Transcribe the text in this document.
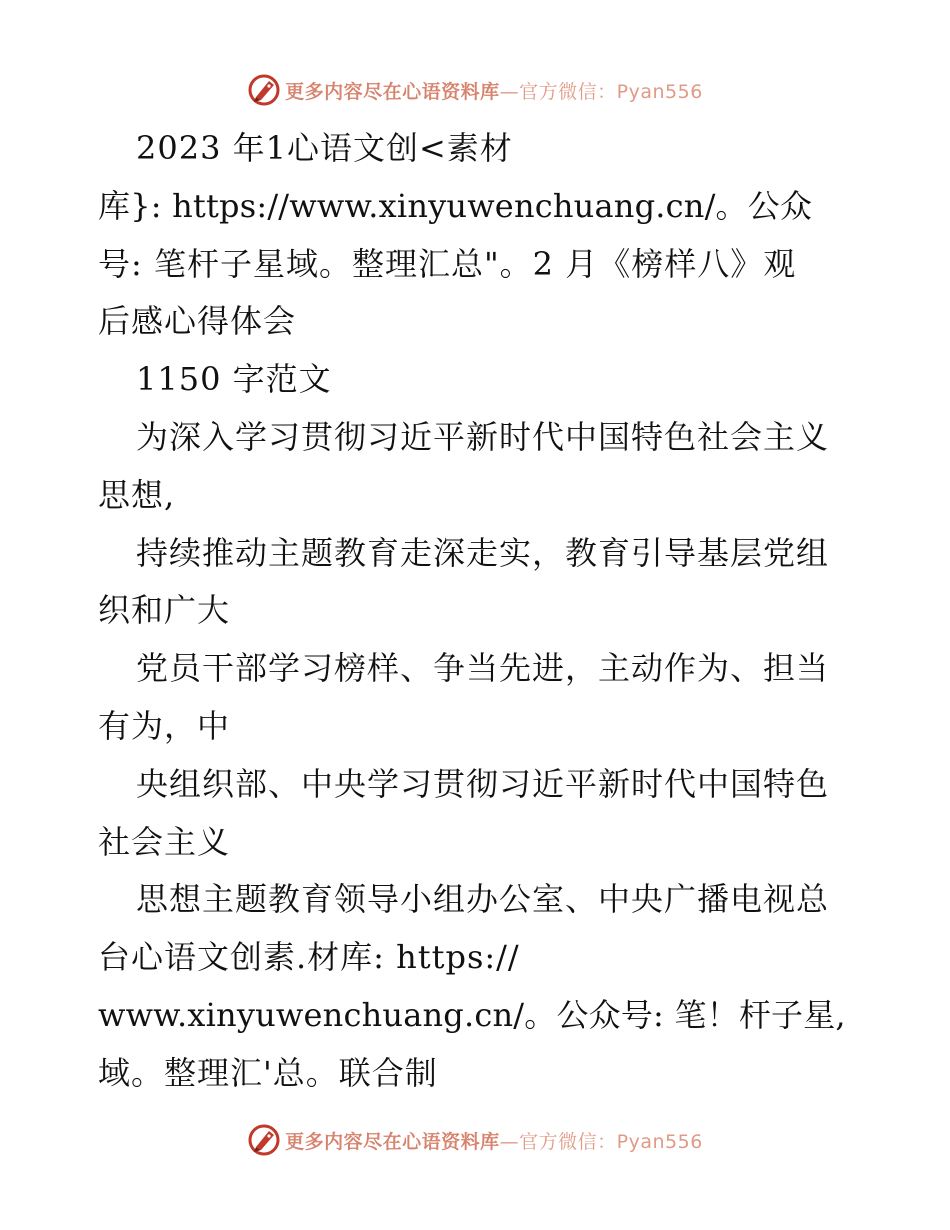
更多内容尽在心语资料库—官方微信：Pyan556
2023 年1心语文创<素材
库}: https://www.xinyuwenchuang.cn/。公众
号: 笔杆子星域。整理汇总"。2 月《榜样八》观
后感心得体会
1150 字范文
为深入学习贯彻习近平新时代中国特色社会主义
思想,
持续推动主题教育走深走实，教育引导基层党组
织和广大
党员干部学习榜样、争当先进，主动作为、担当
有为，中
央组织部、中央学习贯彻习近平新时代中国特色
社会主义
思想主题教育领导小组办公室、中央广播电视总
台心语文创素.材库: https://
www.xinyuwenchuang.cn/。公众号: 笔！杆子星,
域。整理汇'总。联合制
更多内容尽在心语资料库—官方微信：Pyan556
